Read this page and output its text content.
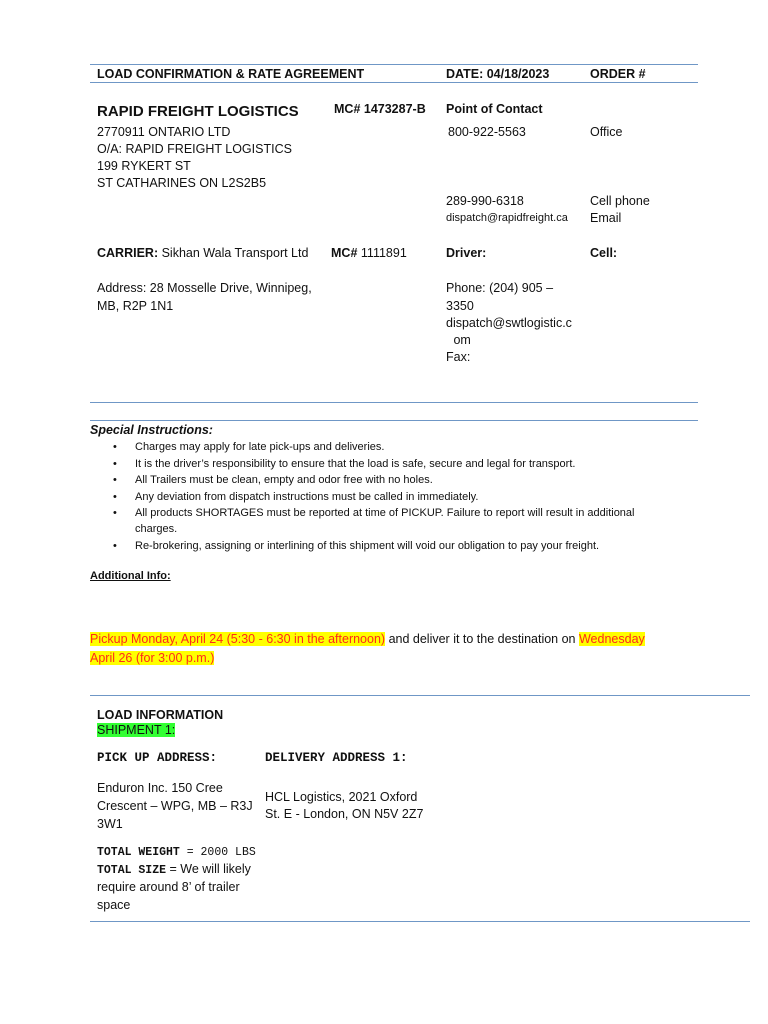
LOAD CONFIRMATION & RATE AGREEMENT	DATE: 04/18/2023	ORDER #
RAPID FREIGHT LOGISTICS	MC# 1473287-B Point of Contact
2770911 ONTARIO LTD
O/A: RAPID FREIGHT LOGISTICS
199 RYKERT ST
ST CATHARINES ON L2S2B5
800-922-5563	Office
289-990-6318	Cell phone
dispatch@rapidfreight.ca Email
CARRIER: Sikhan Wala Transport Ltd MC# 1111891	Driver:	Cell:
Address: 28 Mosselle Drive, Winnipeg,
MB, R2P 1N1
Phone: (204) 905 –
3350
dispatch@swtlogistic.c
om
Fax:
Special Instructions:
• Charges may apply for late pick-ups and deliveries.
• It is the driver’s responsibility to ensure that the load is safe, secure and legal for transport.
• All Trailers must be clean, empty and odor free with no holes.
• Any deviation from dispatch instructions must be called in immediately.
• All products SHORTAGES must be reported at time of PICKUP. Failure to report will result in additional charges.
• Re-brokering, assigning or interlining of this shipment will void our obligation to pay your freight.
Additional Info:
Pickup Monday, April 24 (5:30 - 6:30 in the afternoon) and deliver it to the destination on Wednesday
April 26 (for 3:00 p.m.)
LOAD INFORMATION
SHIPMENT 1:
PICK UP ADDRESS:	DELIVERY ADDRESS 1:
Enduron Inc. 150 Cree
Crescent – WPG, MB – R3J
3W1
HCL Logistics, 2021 Oxford
St. E - London, ON N5V 2Z7
TOTAL WEIGHT = 2000 LBS
TOTAL SIZE = We will likely
require around 8’ of trailer
space
